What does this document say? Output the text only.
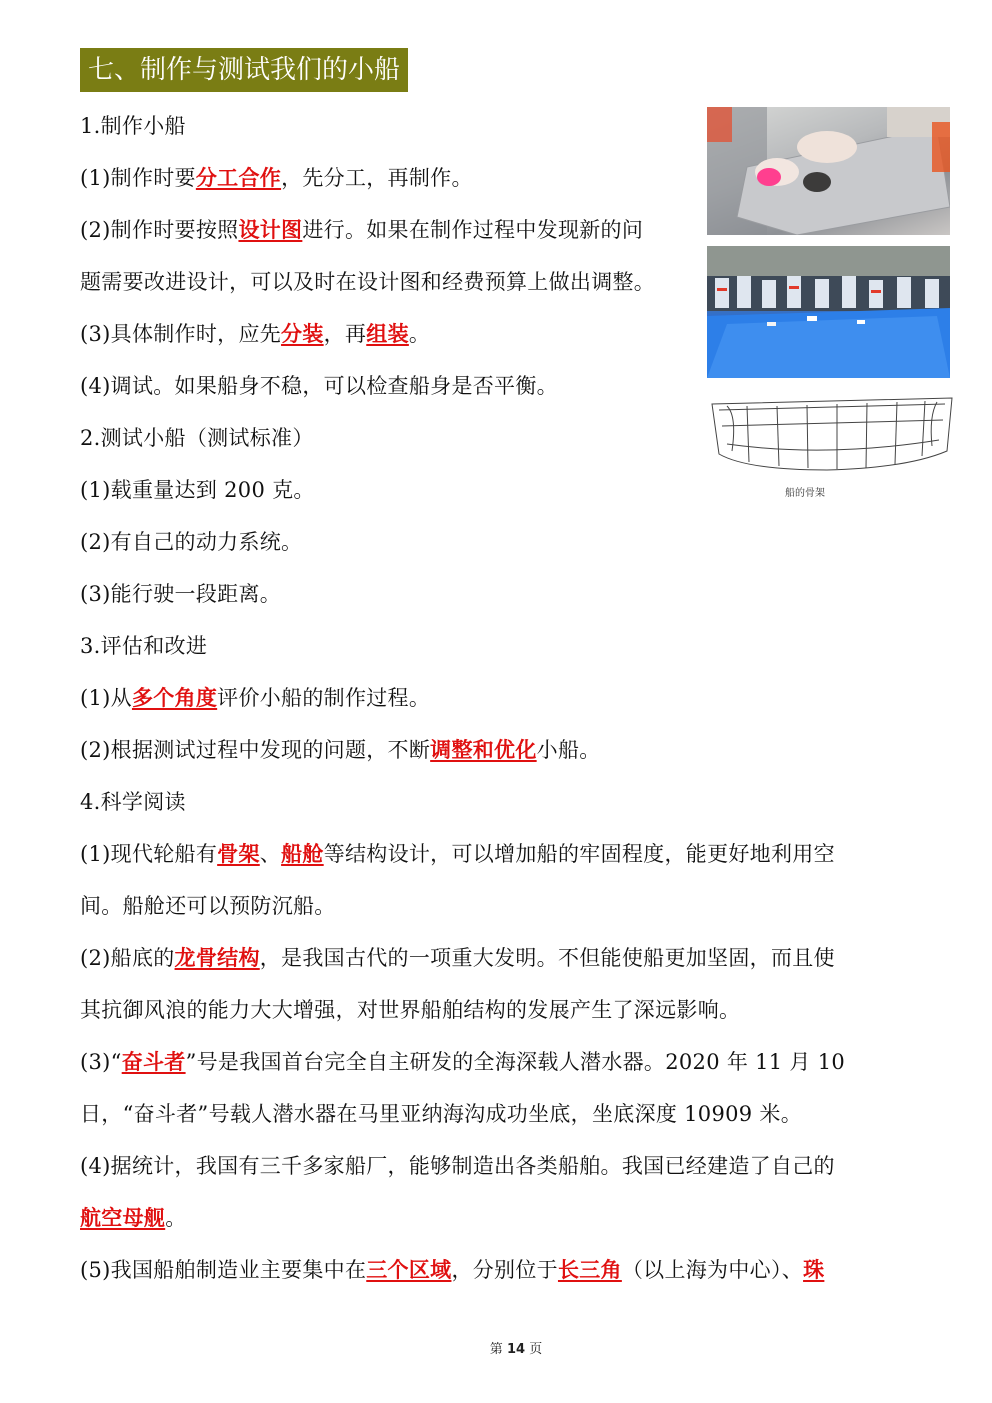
七、制作与测试我们的小船
1.制作小船
(1)制作时要分工合作，先分工，再制作。
(2)制作时要按照设计图进行。如果在制作过程中发现新的问
题需要改进设计，可以及时在设计图和经费预算上做出调整。
(3)具体制作时，应先分装，再组装。
(4)调试。如果船身不稳，可以检查船身是否平衡。
2.测试小船（测试标准）
(1)载重量达到 200 克。
(2)有自己的动力系统。
(3)能行驶一段距离。
3.评估和改进
(1)从多个角度评价小船的制作过程。
(2)根据测试过程中发现的问题，不断调整和优化小船。
4.科学阅读
(1)现代轮船有骨架、船舱等结构设计，可以增加船的牢固程度，能更好地利用空
间。船舱还可以预防沉船。
(2)船底的龙骨结构，是我国古代的一项重大发明。不但能使船更加坚固，而且使
其抗御风浪的能力大大增强，对世界船舶结构的发展产生了深远影响。
(3)“奋斗者”号是我国首台完全自主研发的全海深载人潜水器。2020 年 11 月 10
日，“奋斗者”号载人潜水器在马里亚纳海沟成功坐底，坐底深度 10909 米。
(4)据统计，我国有三千多家船厂，能够制造出各类船舶。我国已经建造了自己的
航空母舰。
(5)我国船舶制造业主要集中在三个区域，分别位于长三角（以上海为中心）、珠
船的骨架
第 14 页
